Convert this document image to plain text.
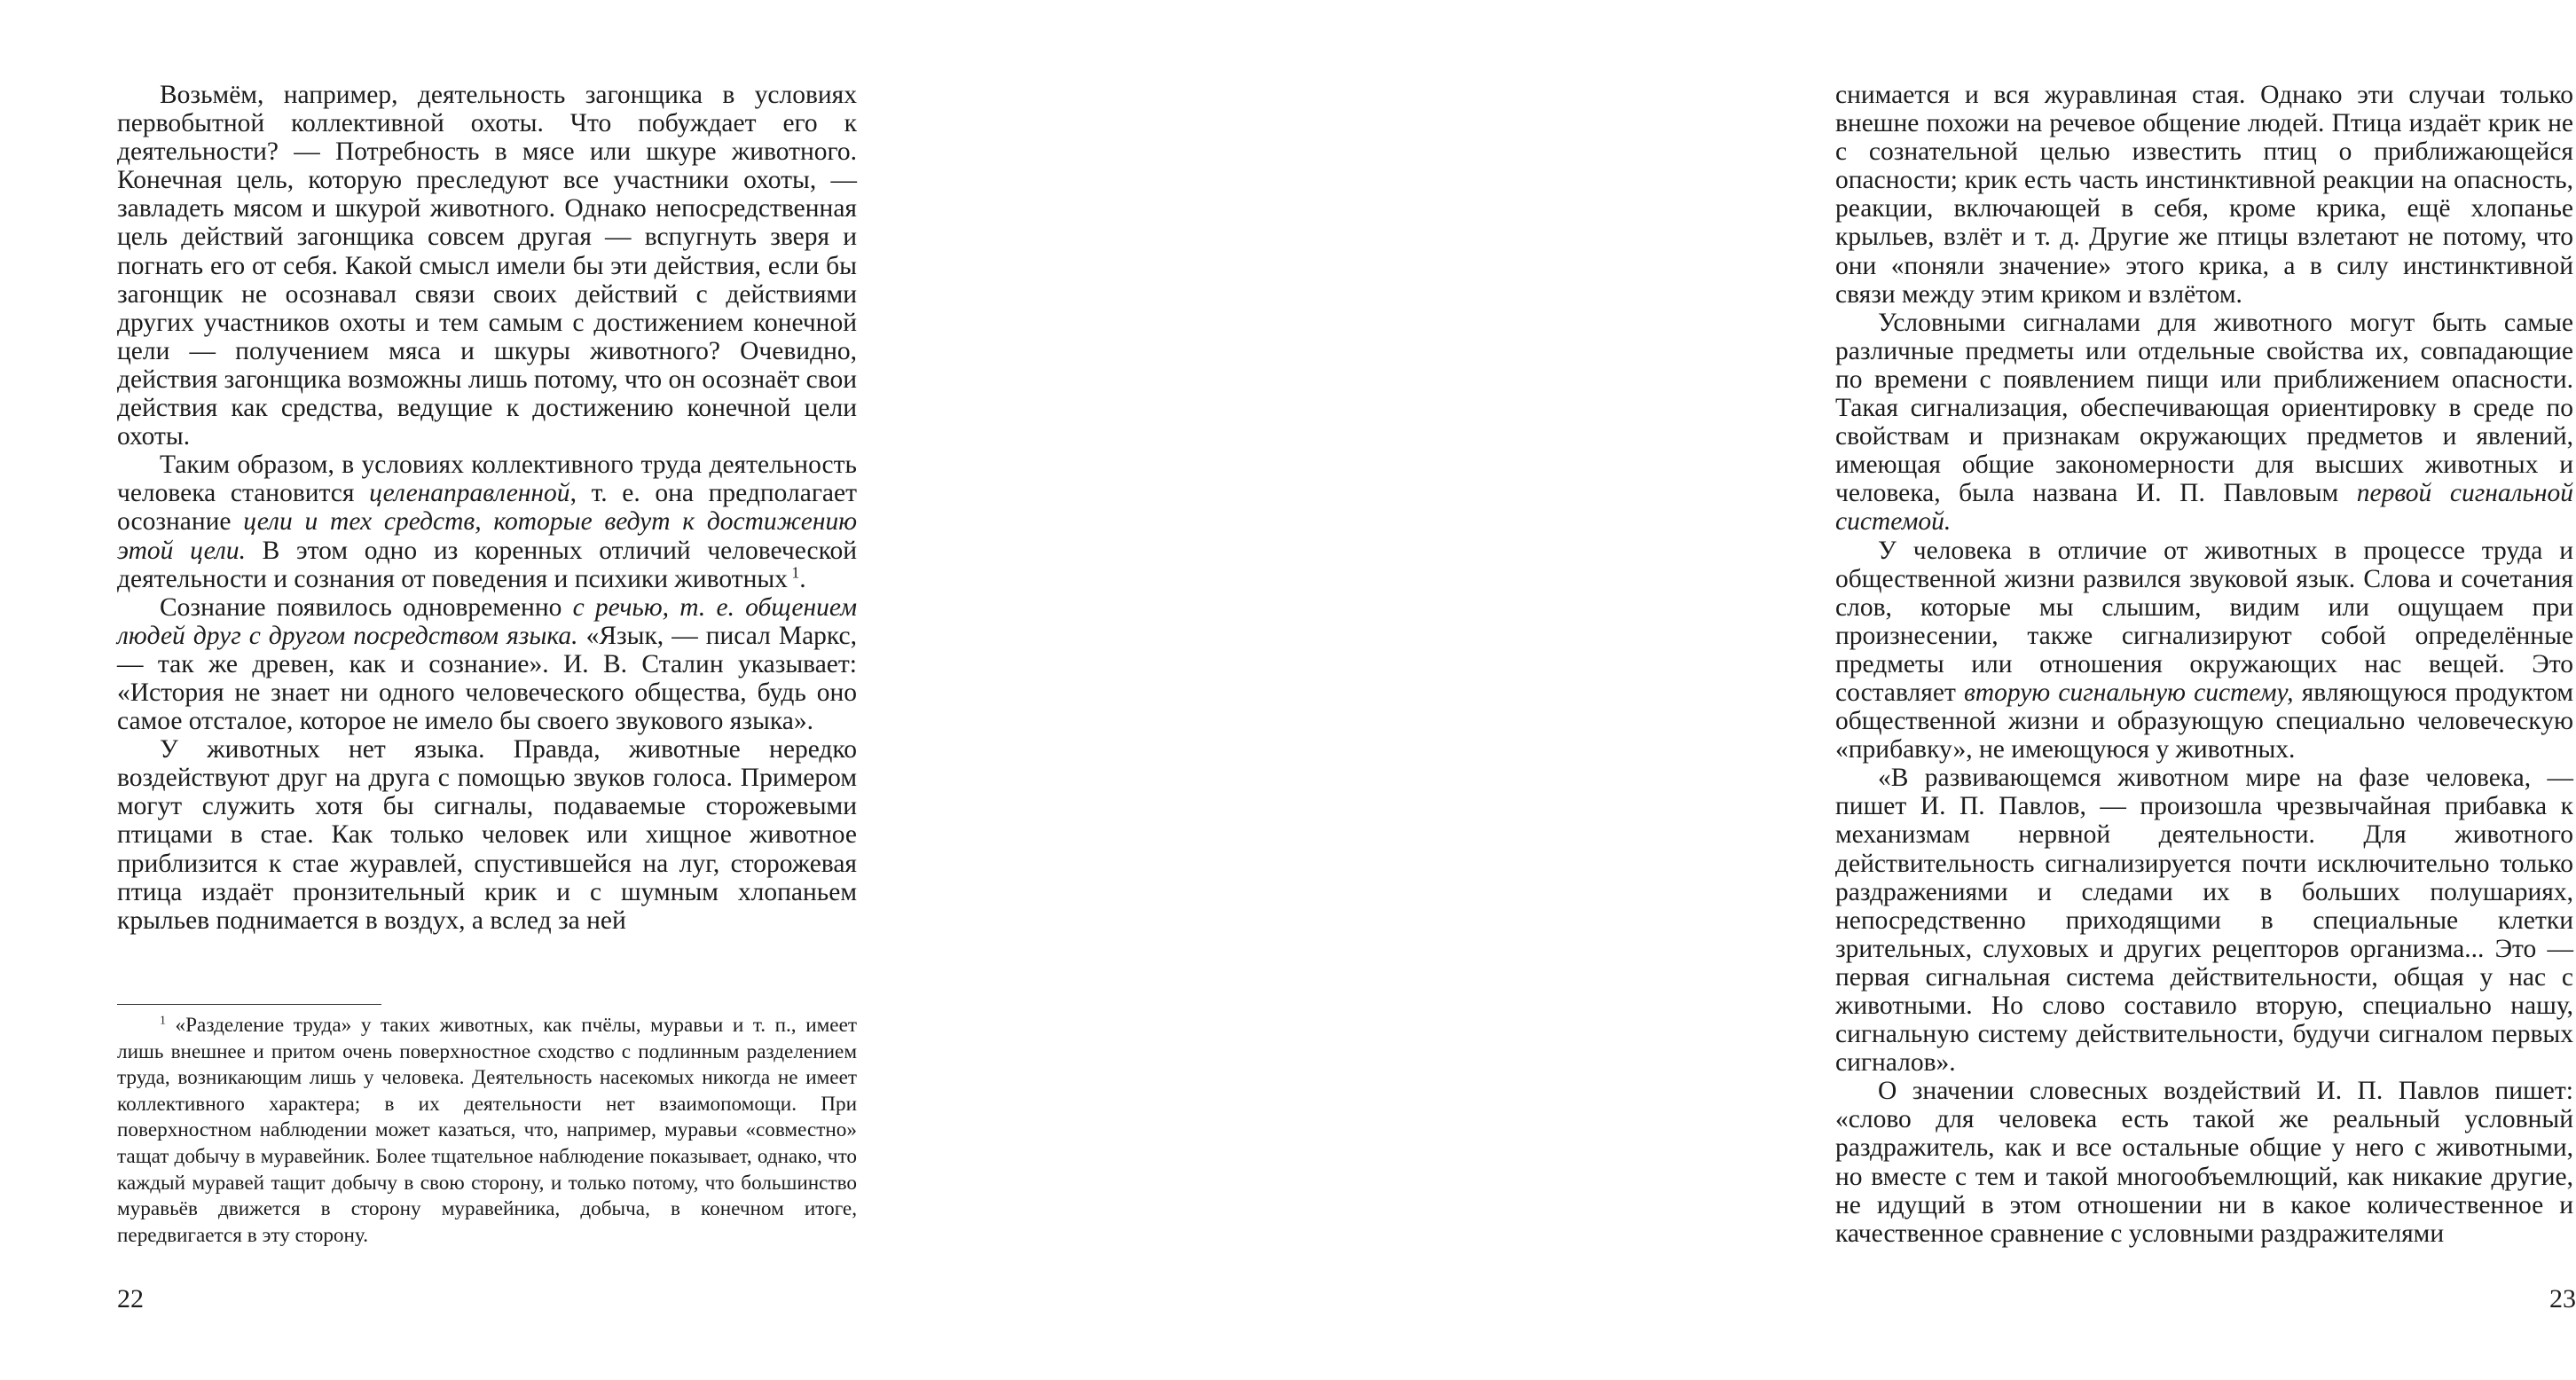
Возьмём, например, деятельность загонщика в условиях первобытной коллективной охоты. Что побуждает его к деятельности? — Потребность в мясе или шкуре животного. Конечная цель, которую преследуют все участники охоты, — завладеть мясом и шкурой животного. Однако непосредственная цель действий загонщика совсем другая — вспугнуть зверя и погнать его от себя. Какой смысл имели бы эти действия, если бы загонщик не осознавал связи своих действий с действиями других участников охоты и тем самым с достижением конечной цели — получением мяса и шкуры животного? Очевидно, действия загонщика возможны лишь потому, что он осознаёт свои действия как средства, ведущие к достижению конечной цели охоты.

Таким образом, в условиях коллективного труда деятельность человека становится целенаправленной, т. е. она предполагает осознание цели и тех средств, которые ведут к достижению этой цели. В этом одно из коренных отличий человеческой деятельности и сознания от поведения и психики животных $^1$.

Сознание появилось одновременно с речью, т. е. общением людей друг с другом посредством языка. «Язык, — писал Маркс, — так же древен, как и сознание». И. В. Сталин указывает: «История не знает ни одного человеческого общества, будь оно самое отсталое, которое не имело бы своего звукового языка».

У животных нет языка. Правда, животные нередко воздействуют друг на друга с помощью звуков голоса. Примером могут служить хотя бы сигналы, подаваемые сторожевыми птицами в стае. Как только человек или хищное животное приблизится к стае журавлей, спустившейся на луг, сторожевая птица издаёт пронзительный крик и с шумным хлопаньем крыльев поднимается в воздух, а вслед за ней

$^1$ «Разделение труда» у таких животных, как пчёлы, муравьи и т. п., имеет лишь внешнее и притом очень поверхностное сходство с подлинным разделением труда, возникающим лишь у человека. Деятельность насекомых никогда не имеет коллективного характера; в их деятельности нет взаимопомощи. При поверхностном наблюдении может казаться, что, например, муравьи «совместно» тащат добычу в муравейник. Более тщательное наблюдение показывает, однако, что каждый муравей тащит добычу в свою сторону, и только потому, что большинство муравьёв движется в сторону муравейника, добыча, в конечном итоге, передвигается в эту сторону.

22

снимается и вся журавлиная стая. Однако эти случаи только внешне похожи на речевое общение людей. Птица издаёт крик не с сознательной целью известить птиц о приближающейся опасности; крик есть часть инстинктивной реакции на опасность, реакции, включающей в себя, кроме крика, ещё хлопанье крыльев, взлёт и т. д. Другие же птицы взлетают не потому, что они «поняли значение» этого крика, а в силу инстинктивной связи между этим криком и взлётом.

Условными сигналами для животного могут быть самые различные предметы или отдельные свойства их, совпадающие по времени с появлением пищи или приближением опасности. Такая сигнализация, обеспечивающая ориентировку в среде по свойствам и признакам окружающих предметов и явлений, имеющая общие закономерности для высших животных и человека, была названа И. П. Павловым первой сигнальной системой.

У человека в отличие от животных в процессе труда и общественной жизни развился звуковой язык. Слова и сочетания слов, которые мы слышим, видим или ощущаем при произнесении, также сигнализируют собой определённые предметы или отношения окружающих нас вещей. Это составляет вторую сигнальную систему, являющуюся продуктом общественной жизни и образующую специально человеческую «прибавку», не имеющуюся у животных.

«В развивающемся животном мире на фазе человека, — пишет И. П. Павлов, — произошла чрезвычайная прибавка к механизмам нервной деятельности. Для животного действительность сигнализируется почти исключительно только раздражениями и следами их в больших полушариях, непосредственно приходящими в специальные клетки зрительных, слуховых и других рецепторов организма... Это — первая сигнальная система действительности, общая у нас с животными. Но слово составило вторую, специально нашу, сигнальную систему действительности, будучи сигналом первых сигналов».

О значении словесных воздействий И. П. Павлов пишет: «слово для человека есть такой же реальный условный раздражитель, как и все остальные общие у него с животными, но вместе с тем и такой многообъемлющий, как никакие другие, не идущий в этом отношении ни в какое количественное и качественное сравнение с условными раздражителями

23
